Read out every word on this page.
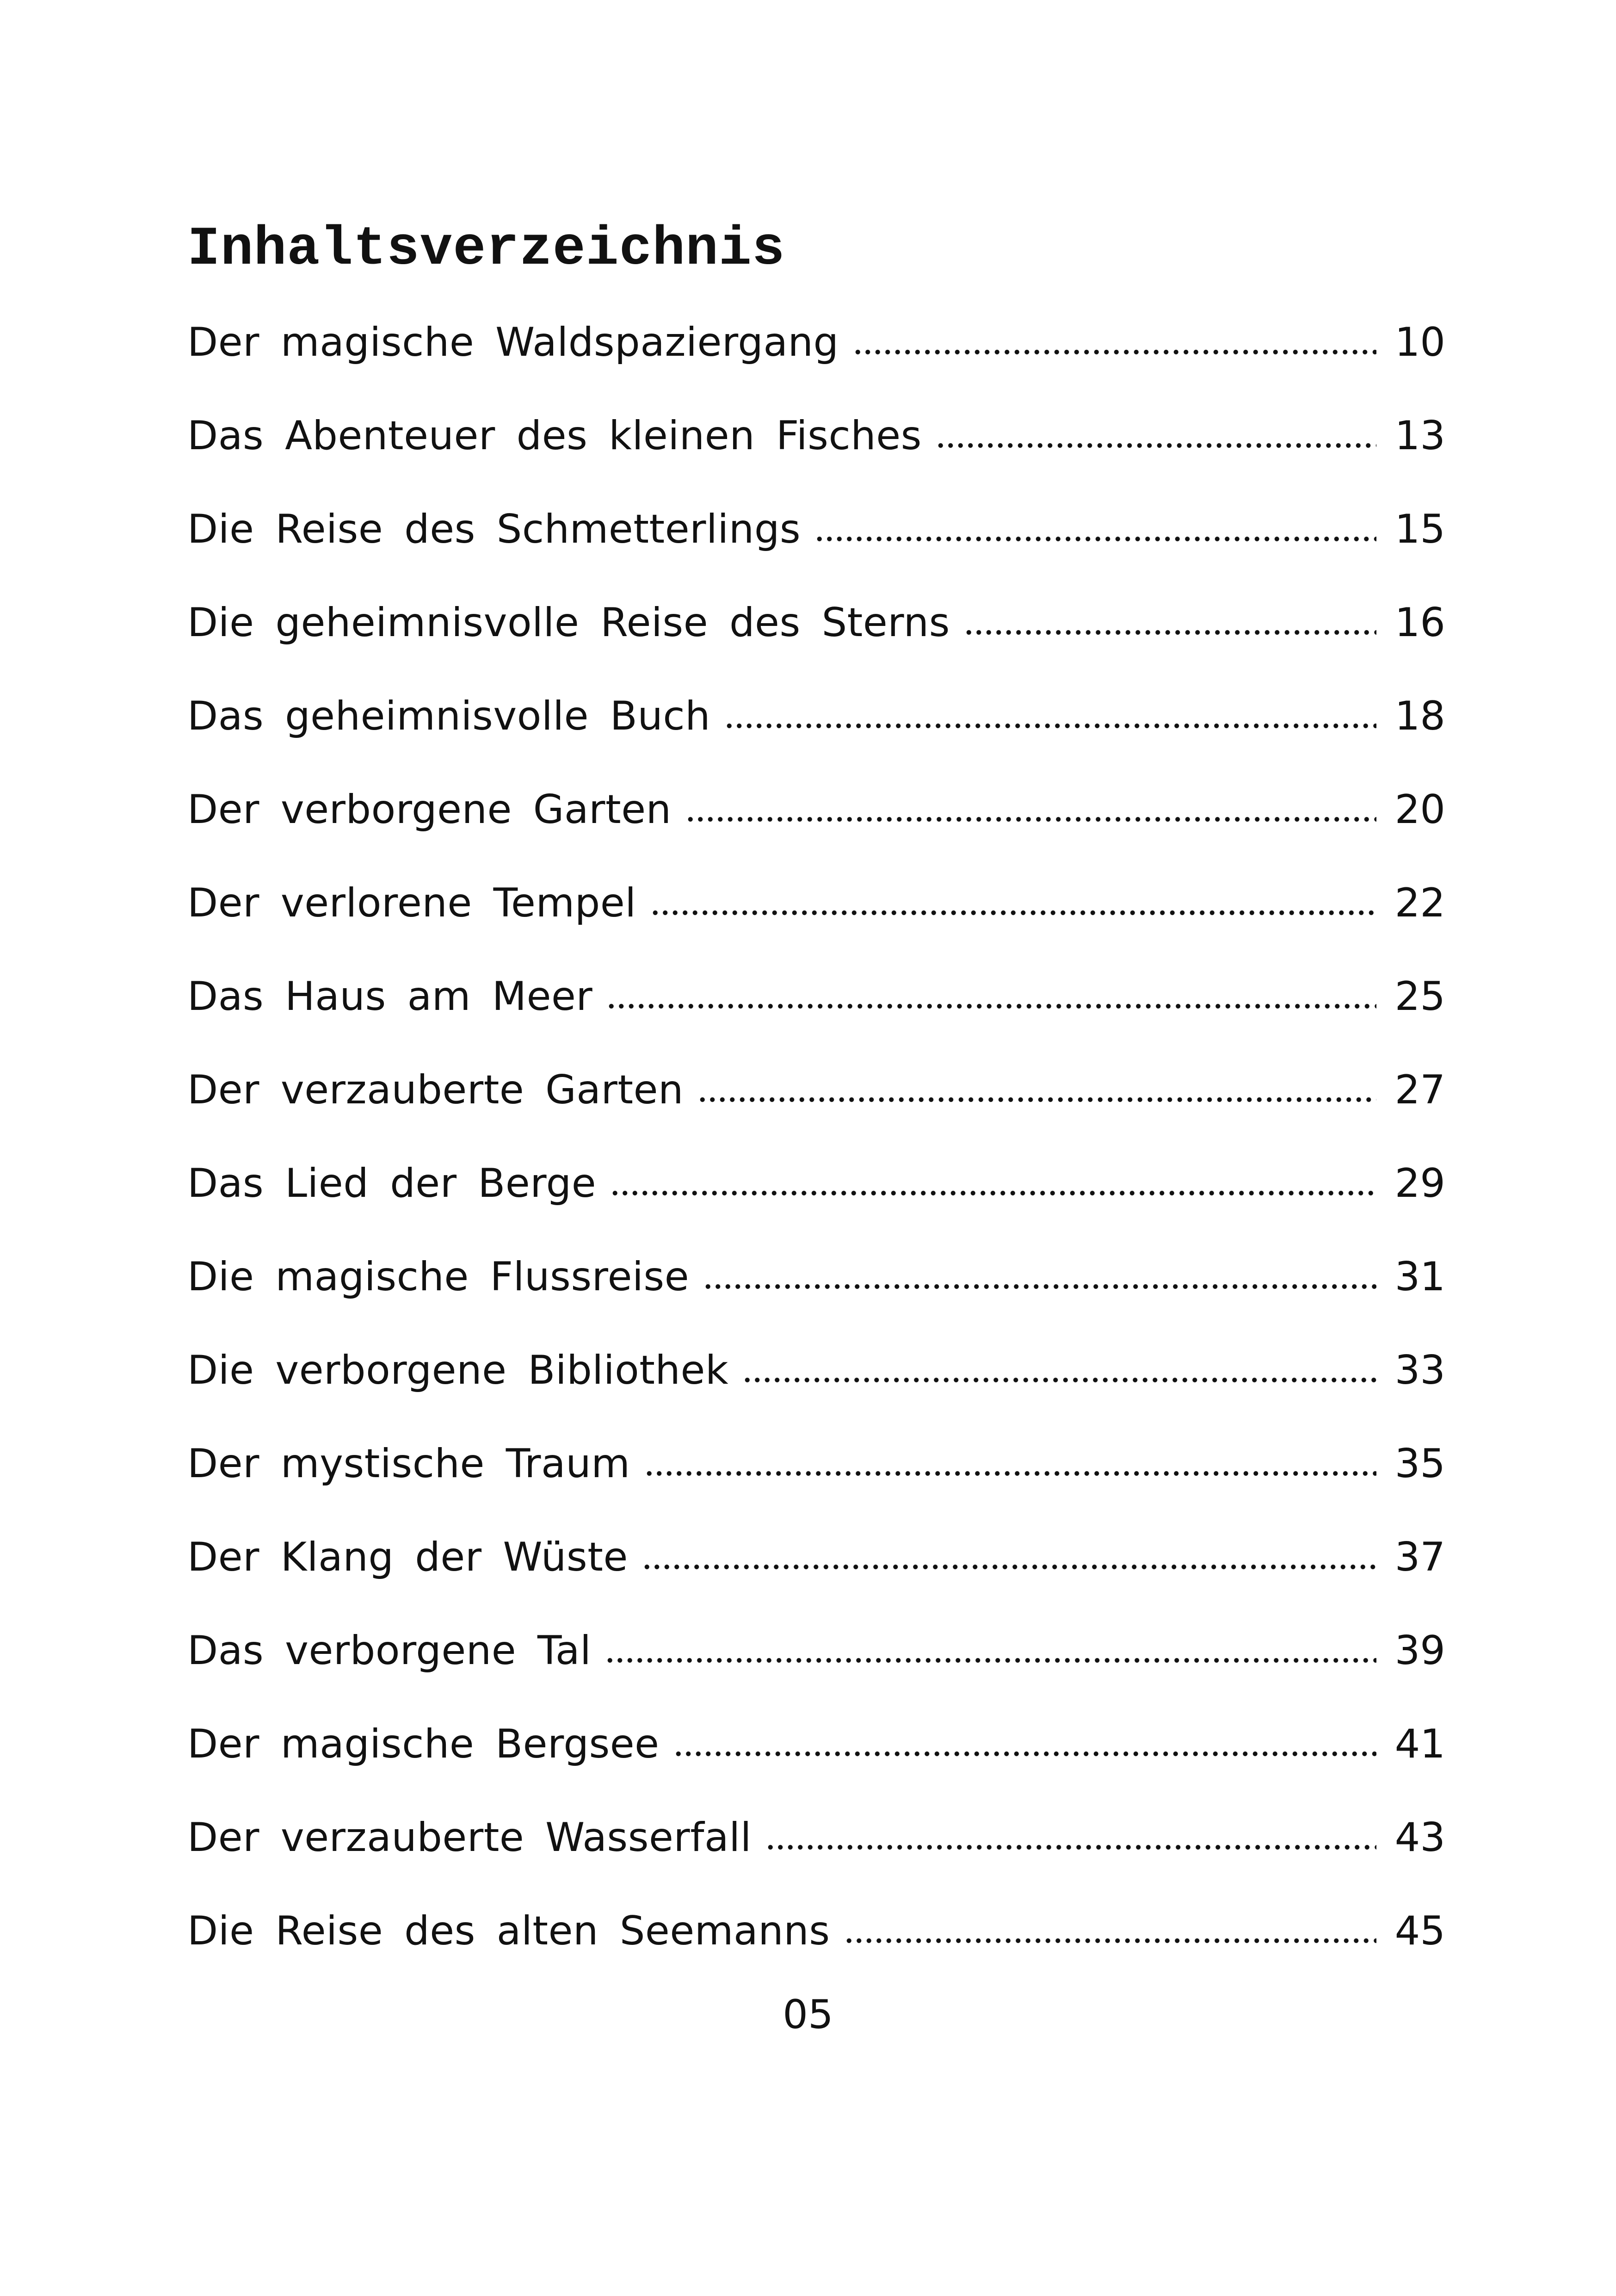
Inhaltsverzeichnis
Der magische Waldspaziergang	10
Das Abenteuer des kleinen Fisches	13
Die Reise des Schmetterlings	15
Die geheimnisvolle Reise des Sterns	16
Das geheimnisvolle Buch	18
Der verborgene Garten	20
Der verlorene Tempel	22
Das Haus am Meer	25
Der verzauberte Garten	27
Das Lied der Berge	29
Die magische Flussreise	31
Die verborgene Bibliothek	33
Der mystische Traum	35
Der Klang der Wüste	37
Das verborgene Tal	39
Der magische Bergsee	41
Der verzauberte Wasserfall	43
Die Reise des alten Seemanns	45
05
